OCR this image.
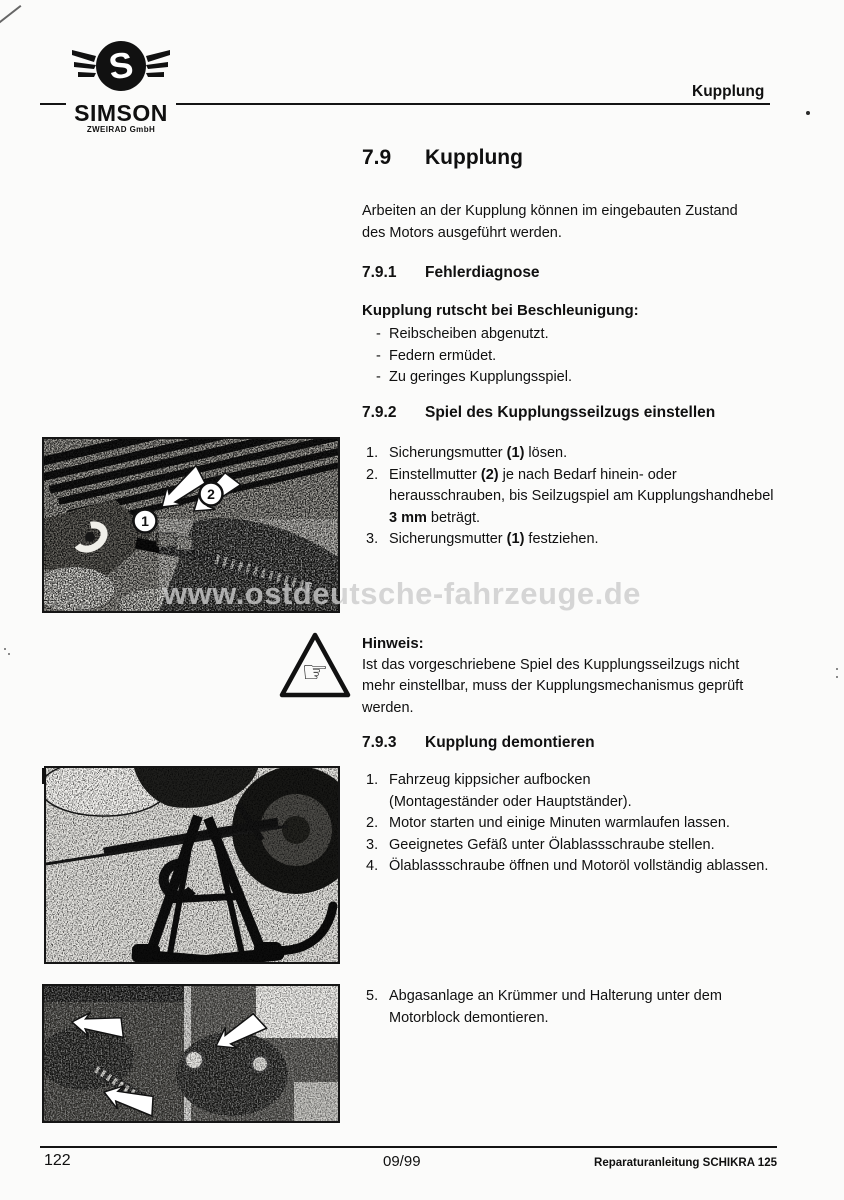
S
SIMSON
ZWEIRAD GmbH
Kupplung
7.9	Kupplung
Arbeiten an der Kupplung können im eingebauten Zustand des Motors ausgeführt werden.
7.9.1	Fehlerdiagnose
Kupplung rutscht bei Beschleunigung:
- Reibscheiben abgenutzt.
- Federn ermüdet.
- Zu geringes Kupplungsspiel.
7.9.2	Spiel des Kupplungsseilzugs einstellen
1. Sicherungsmutter (1) lösen.
2. Einstellmutter (2) je nach Bedarf hinein- oder herausschrauben, bis Seilzugspiel am Kupplungshandhebel 3 mm beträgt.
3. Sicherungsmutter (1) festziehen.
2
1
www.ostdeutsche-fahrzeuge.de
☞
Hinweis:
Ist das vorgeschriebene Spiel des Kupplungsseilzugs nicht mehr einstellbar, muss der Kupplungsmechanismus geprüft werden.
7.9.3	Kupplung demontieren
1. Fahrzeug kippsicher aufbocken
(Montageständer oder Hauptständer).
2. Motor starten und einige Minuten warmlaufen lassen.
3. Geeignetes Gefäß unter Ölablassschraube stellen.
4. Ölablassschraube öffnen und Motoröl vollständig ablassen.
5. Abgasanlage an Krümmer und Halterung unter dem Motorblock demontieren.
122	09/99	Reparaturanleitung SCHIKRA 125
